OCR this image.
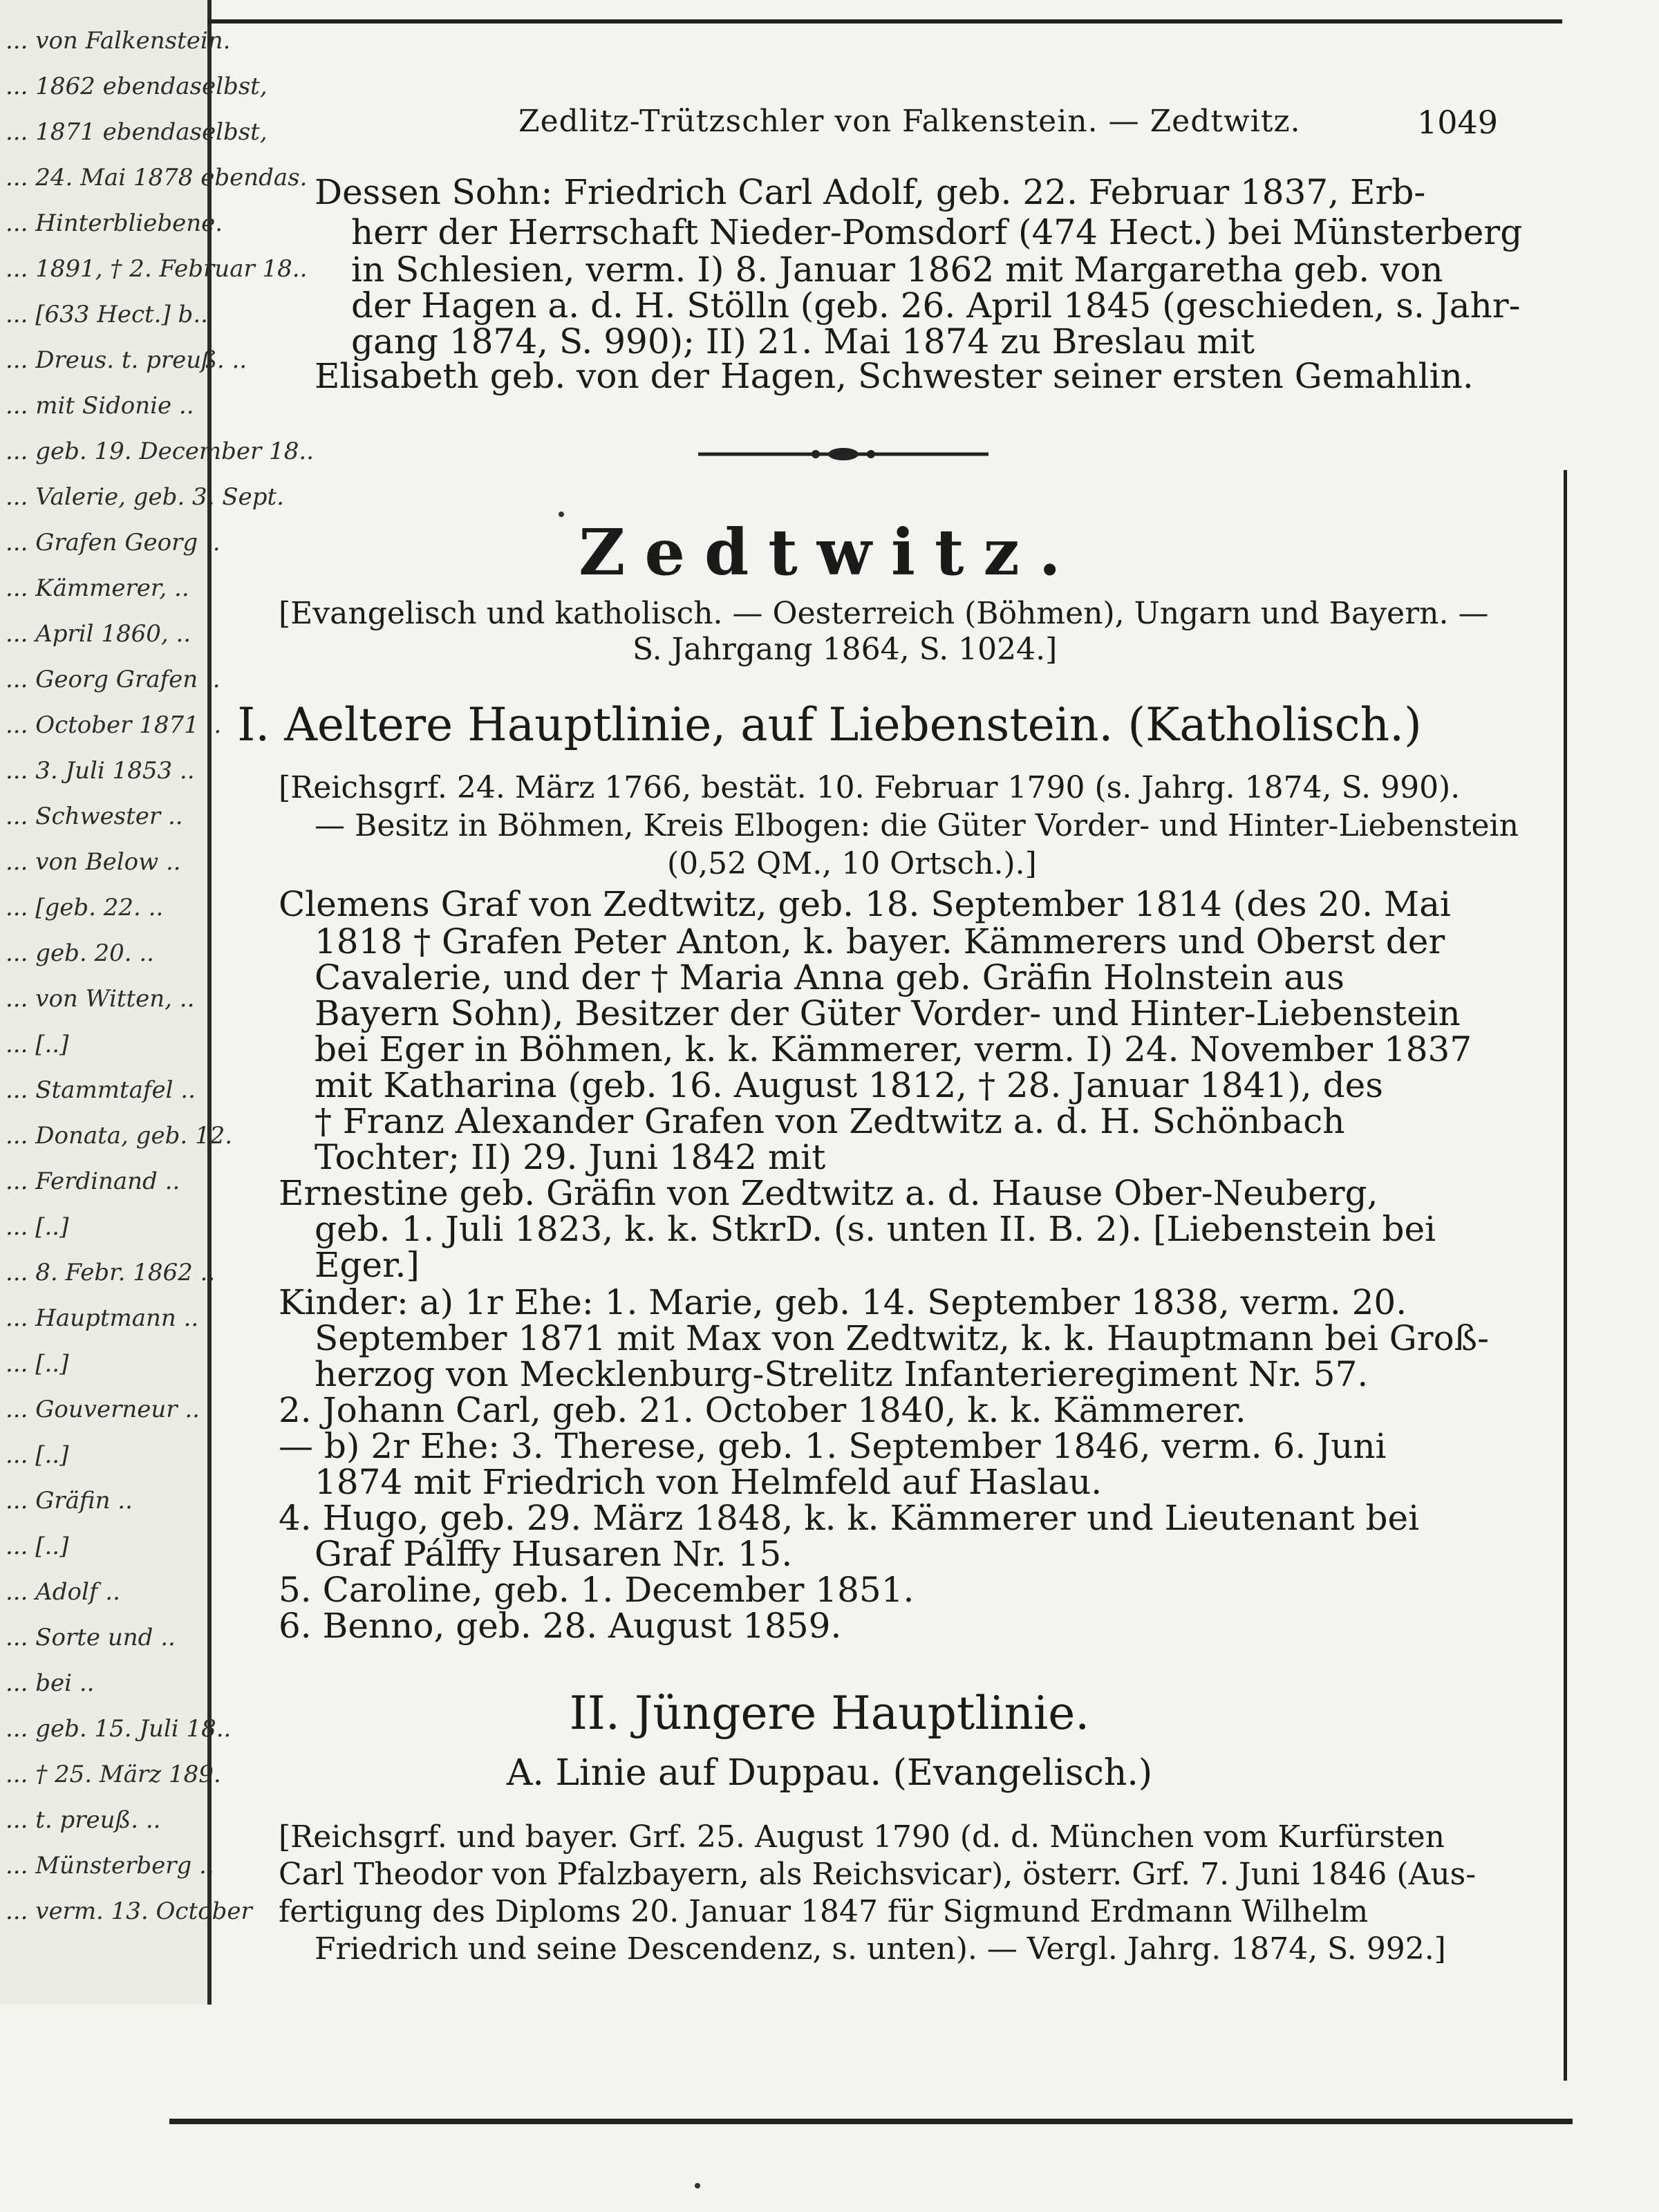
... von Falkenstein.
... 1862 ebendaselbst,
... 1871 ebendaselbst,
... 24. Mai 1878 ebendas.
... Hinterbliebene.
... 1891, † 2. Februar 18..
... [633 Hect.] b..
... Dreus. t. preuß. ..
... mit Sidonie ..
... geb. 19. December 18..
... Valerie, geb. 3. Sept.
... Grafen Georg ..
... Kämmerer, ..
... April 1860, ..
... Georg Grafen ..
... October 1871 ..
... 3. Juli 1853 ..
... Schwester ..
... von Below ..
... [geb. 22. ..
... geb. 20. ..
... von Witten, ..
... [..]
... Stammtafel ..
... Donata, geb. 12.
... Ferdinand ..
... [..]
... 8. Febr. 1862 ..
... Hauptmann ..
... [..]
... Gouverneur ..
... [..]
... Gräfin ..
... [..]
... Adolf ..
... Sorte und ..
... bei ..
... geb. 15. Juli 18..
... † 25. März 189.
... t. preuß. ..
... Münsterberg ..
... verm. 13. October
Zedlitz-Trützschler von Falkenstein. — Zedtwitz.	1049
Dessen Sohn: Friedrich Carl Adolf, geb. 22. Februar 1837, Erb-
herr der Herrschaft Nieder-Pomsdorf (474 Hect.) bei Münsterberg
in Schlesien, verm. I) 8. Januar 1862 mit Margaretha geb. von
der Hagen a. d. H. Stölln (geb. 26. April 1845 (geschieden, s. Jahr-
gang 1874, S. 990); II) 21. Mai 1874 zu Breslau mit
Elisabeth geb. von der Hagen, Schwester seiner ersten Gemahlin.
Zedtwitz.
[Evangelisch und katholisch. — Oesterreich (Böhmen), Ungarn und Bayern. —
S. Jahrgang 1864, S. 1024.]
I. Aeltere Hauptlinie, auf Liebenstein. (Katholisch.)
[Reichsgrf. 24. März 1766, bestät. 10. Februar 1790 (s. Jahrg. 1874, S. 990).
— Besitz in Böhmen, Kreis Elbogen: die Güter Vorder- und Hinter-Liebenstein
(0,52 QM., 10 Ortsch.).]
Clemens Graf von Zedtwitz, geb. 18. September 1814 (des 20. Mai
1818 † Grafen Peter Anton, k. bayer. Kämmerers und Oberst der
Cavalerie, und der † Maria Anna geb. Gräfin Holnstein aus
Bayern Sohn), Besitzer der Güter Vorder- und Hinter-Liebenstein
bei Eger in Böhmen, k. k. Kämmerer, verm. I) 24. November 1837
mit Katharina (geb. 16. August 1812, † 28. Januar 1841), des
† Franz Alexander Grafen von Zedtwitz a. d. H. Schönbach
Tochter; II) 29. Juni 1842 mit
Ernestine geb. Gräfin von Zedtwitz a. d. Hause Ober-Neuberg,
geb. 1. Juli 1823, k. k. StkrD. (s. unten II. B. 2). [Liebenstein bei
Eger.]
Kinder: a) 1r Ehe: 1. Marie, geb. 14. September 1838, verm. 20.
September 1871 mit Max von Zedtwitz, k. k. Hauptmann bei Groß-
herzog von Mecklenburg-Strelitz Infanterieregiment Nr. 57.
2. Johann Carl, geb. 21. October 1840, k. k. Kämmerer.
— b) 2r Ehe: 3. Therese, geb. 1. September 1846, verm. 6. Juni
1874 mit Friedrich von Helmfeld auf Haslau.
4. Hugo, geb. 29. März 1848, k. k. Kämmerer und Lieutenant bei
Graf Pálffy Husaren Nr. 15.
5. Caroline, geb. 1. December 1851.
6. Benno, geb. 28. August 1859.
II. Jüngere Hauptlinie.
A. Linie auf Duppau. (Evangelisch.)
[Reichsgrf. und bayer. Grf. 25. August 1790 (d. d. München vom Kurfürsten
Carl Theodor von Pfalzbayern, als Reichsvicar), österr. Grf. 7. Juni 1846 (Aus-
fertigung des Diploms 20. Januar 1847 für Sigmund Erdmann Wilhelm
Friedrich und seine Descendenz, s. unten). — Vergl. Jahrg. 1874, S. 992.]
